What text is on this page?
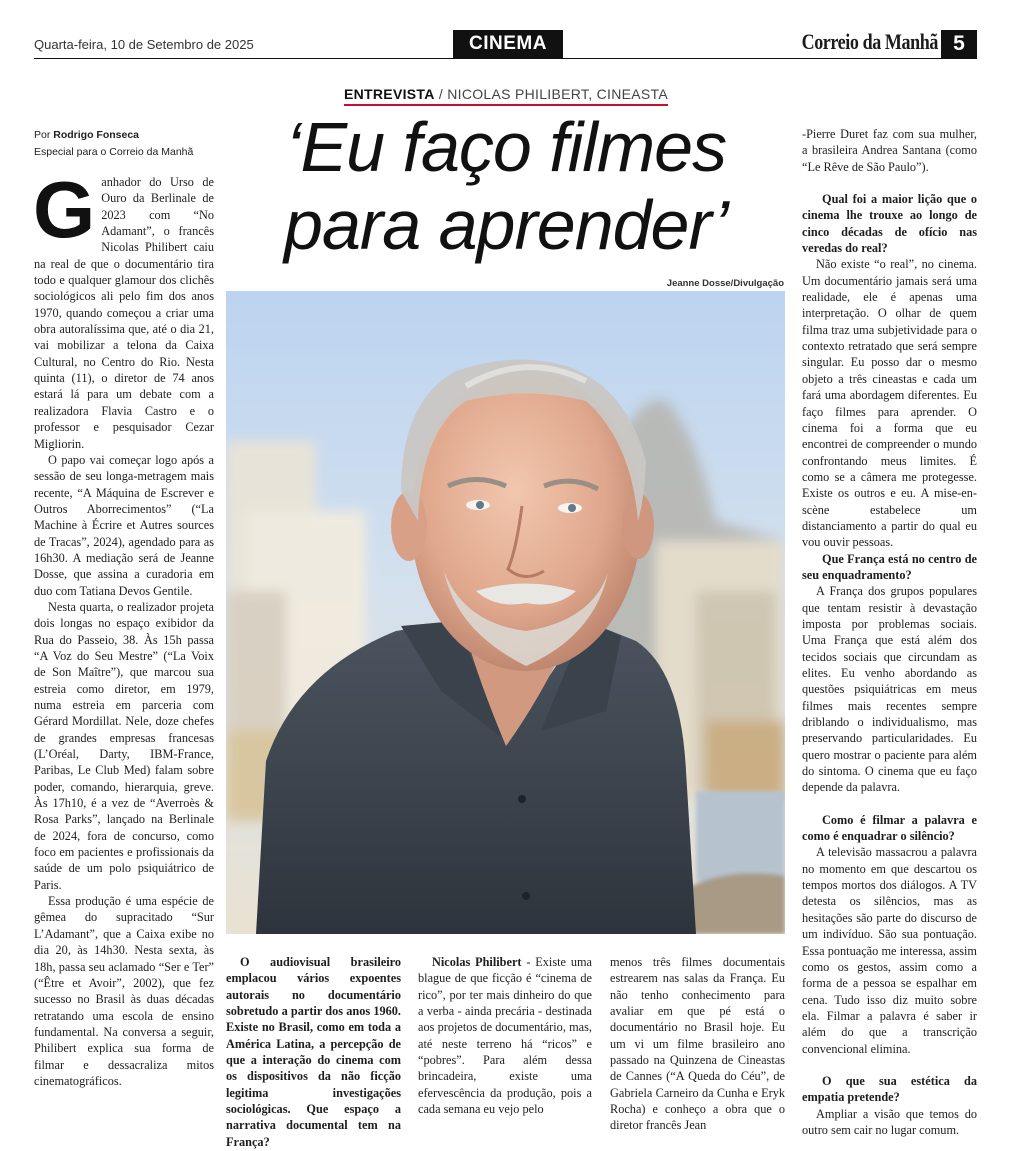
Quarta-feira, 10 de Setembro de 2025	CINEMA	Correio da Manhã 5
ENTREVISTA / NICOLAS PHILIBERT, CINEASTA
Por Rodrigo Fonseca
Especial para o Correio da Manhã	‘Eu faço filmes
para aprender’
Jeanne Dosse/Divulgação

Ganhador do Urso de Ouro da Berlinale de 2023 com “No Adamant”, o francês Nicolas Philibert caiu na real de que o documentário tira todo e qualquer glamour dos clichês sociológicos ali pelo fim dos anos 1970, quando começou a criar uma obra autoralíssima que, até o dia 21, vai mobilizar a telona da Caixa Cultural, no Centro do Rio. Nesta quinta (11), o diretor de 74 anos estará lá para um debate com a realizadora Flavia Castro e o professor e pesquisador Cezar Migliorin.

O papo vai começar logo após a sessão de seu longa-metragem mais recente, “A Máquina de Escrever e Outros Aborrecimentos” (“La Machine à Écrire et Autres sources de Tracas”, 2024), agendado para as 16h30. A mediação será de Jeanne Dosse, que assina a curadoria em duo com Tatiana Devos Gentile.

Nesta quarta, o realizador projeta dois longas no espaço exibidor da Rua do Passeio, 38. Às 15h passa “A Voz do Seu Mestre” (“La Voix de Son Maître”), que marcou sua estreia como diretor, em 1979, numa estreia em parceria com Gérard Mordillat. Nele, doze chefes de grandes empresas francesas (L’Oréal, Darty, IBM-France, Paribas, Le Club Med) falam sobre poder, comando, hierarquia, greve. Às 17h10, é a vez de “Averroès & Rosa Parks”, lançado na Berlinale de 2024, fora de concurso, como foco em pacientes e profissionais da saúde de um polo psiquiátrico de Paris.

Essa produção é uma espécie de gêmea do supracitado “Sur L’Adamant”, que a Caixa exibe no dia 20, às 14h30. Nesta sexta, às 18h, passa seu aclamado “Ser e Ter” (“Être et Avoir”, 2002), que fez sucesso no Brasil às duas décadas retratando uma escola de ensino fundamental. Na conversa a seguir, Philibert explica sua forma de filmar e dessacraliza mitos cinematográficos.

O audiovisual brasileiro emplacou vários expoentes autorais no documentário sobretudo a partir dos anos 1960. Existe no Brasil, como em toda a América Latina, a percepção de que a interação do cinema com os dispositivos da não ficção legitima investigações sociológicas. Que espaço a narrativa documental tem na França?

Nicolas Philibert - Existe uma blague de que ficção é “cinema de rico”, por ter mais dinheiro do que a verba - ainda precária - destinada aos projetos de documentário, mas, até neste terreno há “ricos” e “pobres”. Para além dessa brincadeira, existe uma efervescência da produção, pois a cada semana eu vejo pelo

menos três filmes documentais estrearem nas salas da França. Eu não tenho conhecimento para avaliar em que pé está o documentário no Brasil hoje. Eu um vi um filme brasileiro ano passado na Quinzena de Cineastas de Cannes (“A Queda do Céu”, de Gabriela Carneiro da Cunha e Eryk Rocha) e conheço a obra que o diretor francês Jean

-Pierre Duret faz com sua mulher, a brasileira Andrea Santana (como “Le Rêve de São Paulo”).

Qual foi a maior lição que o cinema lhe trouxe ao longo de cinco décadas de ofício nas veredas do real?

Não existe “o real”, no cinema. Um documentário jamais será uma realidade, ele é apenas uma interpretação. O olhar de quem filma traz uma subjetividade para o contexto retratado que será sempre singular. Eu posso dar o mesmo objeto a três cineastas e cada um fará uma abordagem diferentes. Eu faço filmes para aprender. O cinema foi a forma que eu encontrei de compreender o mundo confrontando meus limites. É como se a câmera me protegesse. Existe os outros e eu. A mise-en-scène estabelece um distanciamento a partir do qual eu vou ouvir pessoas.

Que França está no centro de seu enquadramento?

A França dos grupos populares que tentam resistir à devastação imposta por problemas sociais. Uma França que está além dos tecidos sociais que circundam as elites. Eu venho abordando as questões psiquiátricas em meus filmes mais recentes sempre driblando o individualismo, mas preservando particularidades. Eu quero mostrar o paciente para além do sintoma. O cinema que eu faço depende da palavra.

Como é filmar a palavra e como é enquadrar o silêncio?

A televisão massacrou a palavra no momento em que descartou os tempos mortos dos diálogos. A TV detesta os silêncios, mas as hesitações são parte do discurso de um indivíduo. São sua pontuação. Essa pontuação me interessa, assim como os gestos, assim como a forma de a pessoa se espalhar em cena. Tudo isso diz muito sobre ela. Filmar a palavra é saber ir além do que a transcrição convencional elimina.

O que sua estética da empatia pretende?

Ampliar a visão que temos do outro sem cair no lugar comum.
